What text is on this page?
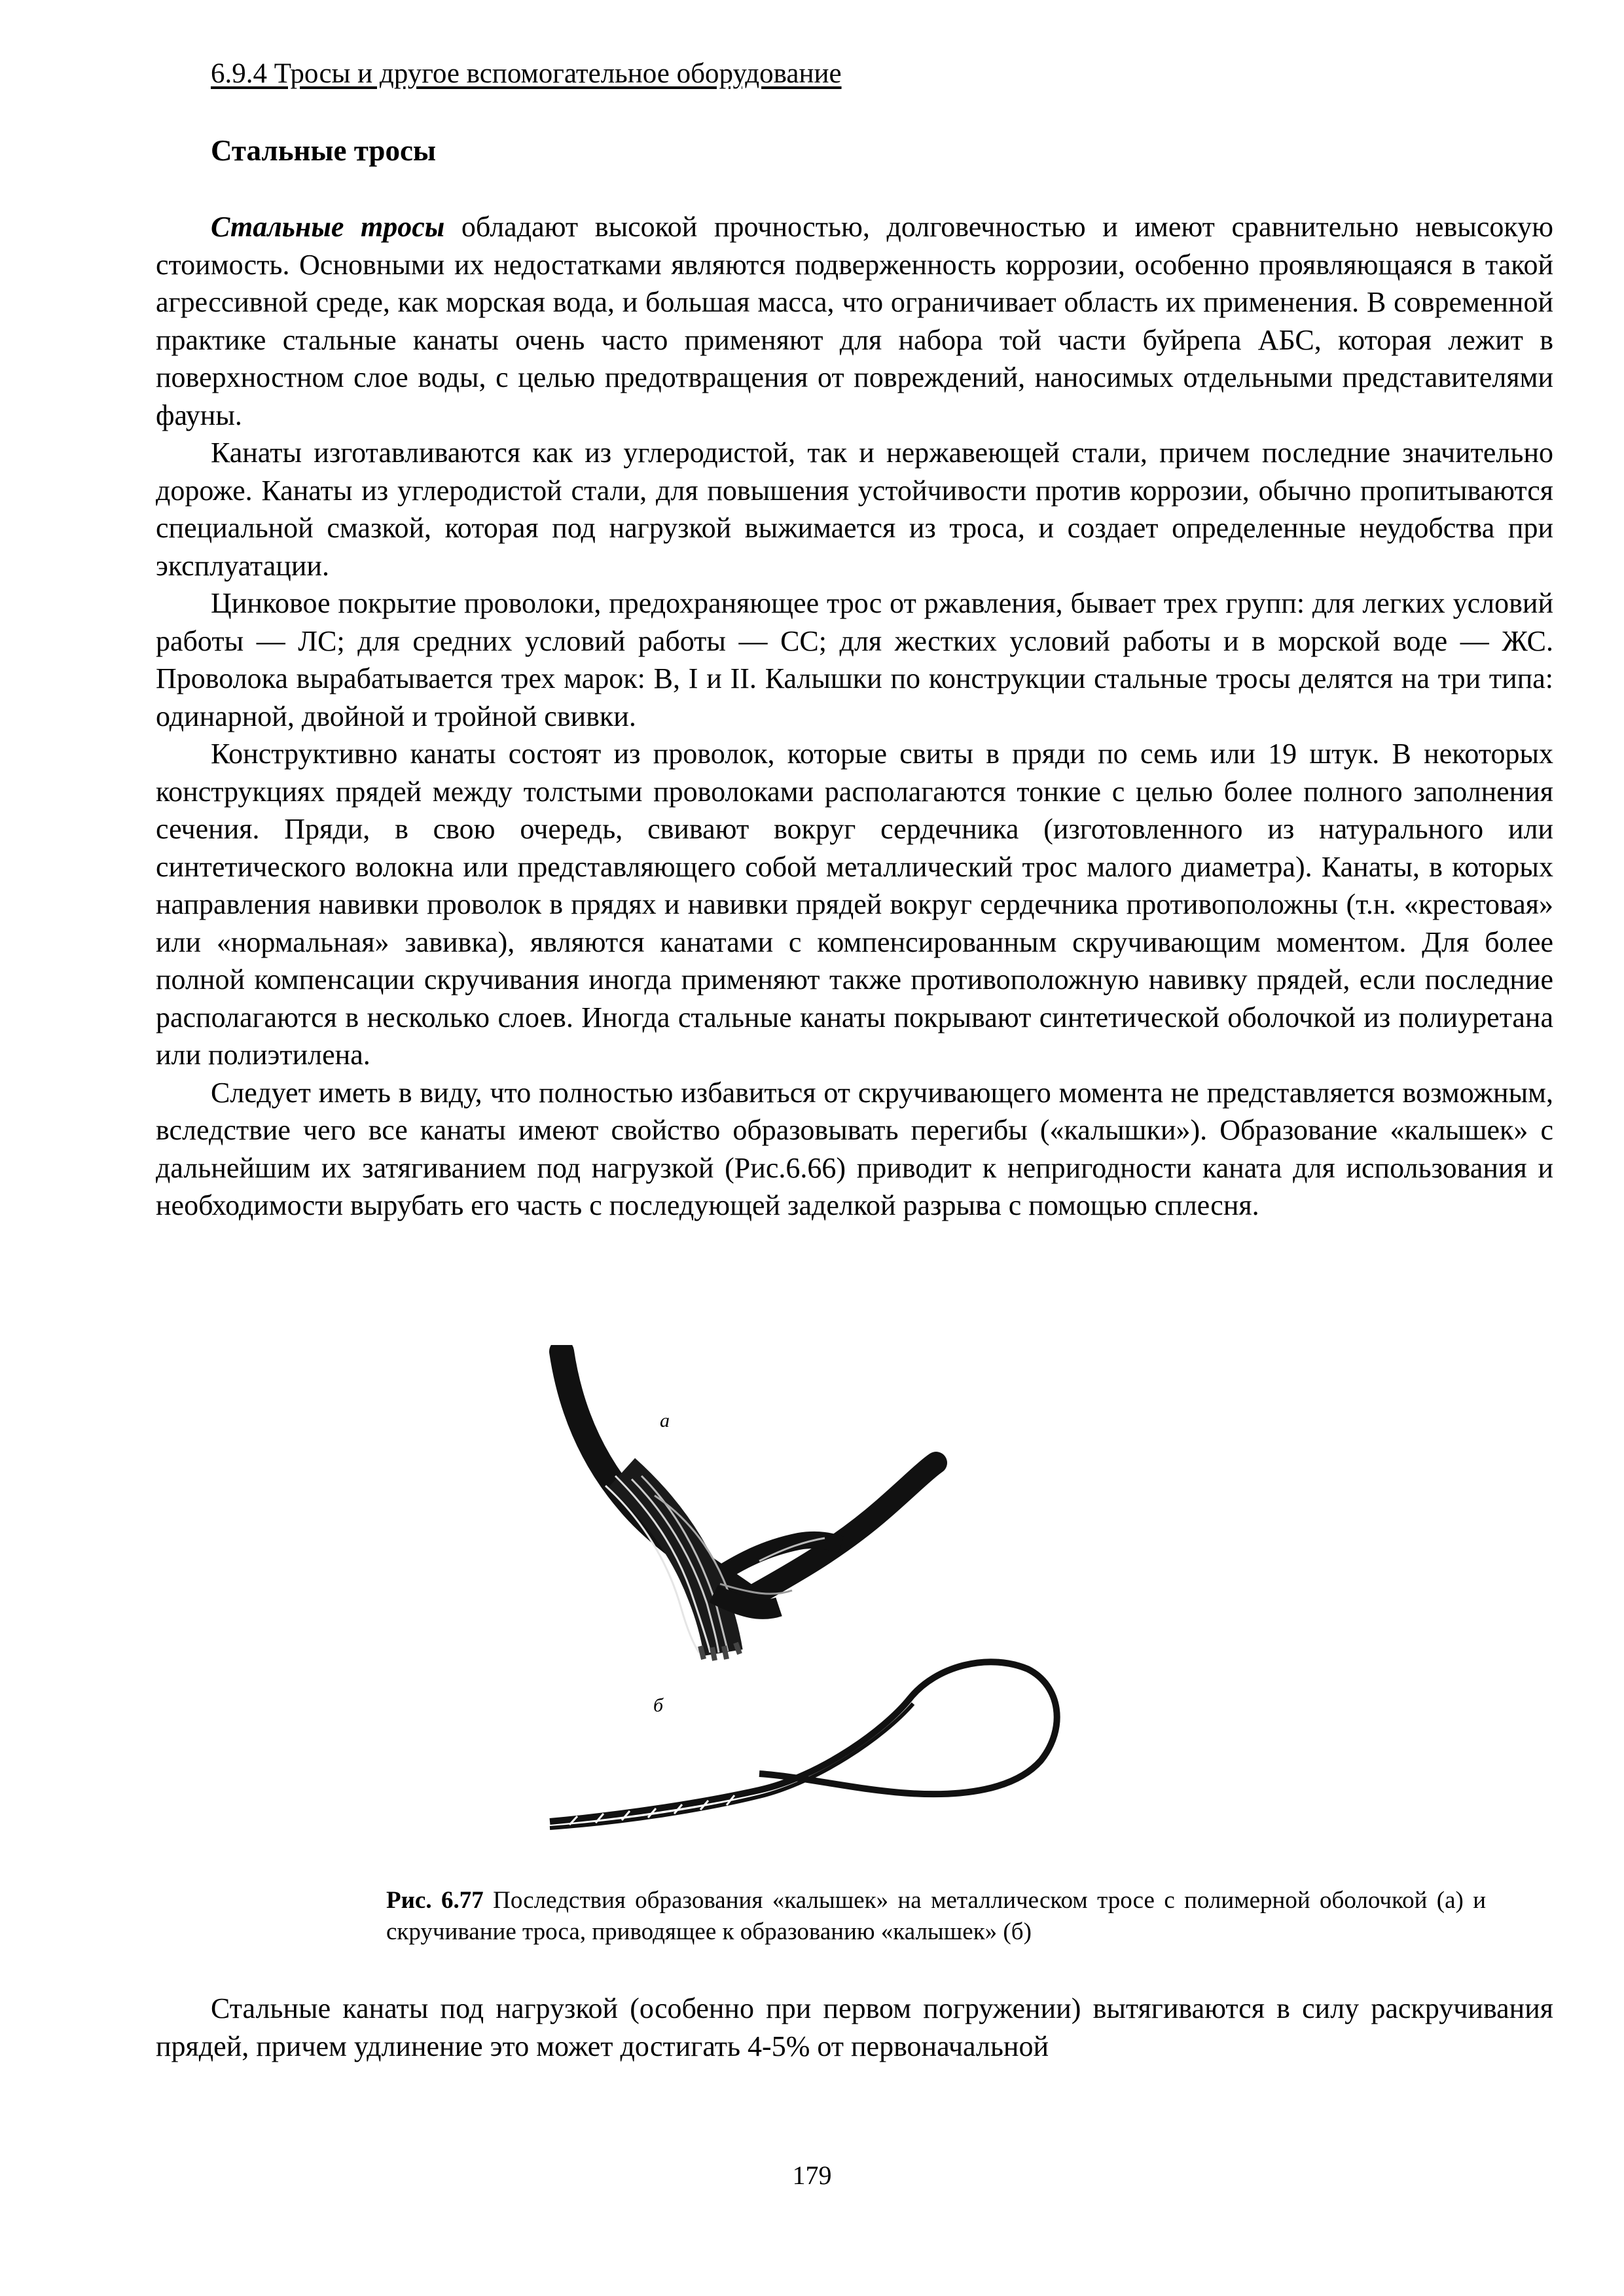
6.9.4 Тросы и другое вспомогательное оборудование
Стальные тросы

Стальные тросы обладают высокой прочностью, долговечностью и имеют сравнительно невысокую стоимость. Основными их недостатками являются подверженность коррозии, особенно проявляющаяся в такой агрессивной среде, как морская вода, и большая масса, что ограничивает область их применения. В современной практике стальные канаты очень часто применяют для набора той части буйрепа АБС, которая лежит в поверхностном слое воды, с целью предотвращения от повреждений, наносимых отдельными представителями фауны.

Канаты изготавливаются как из углеродистой, так и нержавеющей стали, причем последние значительно дороже. Канаты из углеродистой стали, для повышения устойчивости против коррозии, обычно пропитываются специальной смазкой, которая под нагрузкой выжимается из троса, и создает определенные неудобства при эксплуатации.

Цинковое покрытие проволоки, предохраняющее трос от ржавления, бывает трех групп: для легких условий работы — ЛС; для средних условий работы — СС; для жестких условий работы и в морской воде — ЖС. Проволока вырабатывается трех марок: В, I и II. Калышки по конструкции стальные тросы делятся на три типа: одинарной, двойной и тройной свивки.

Конструктивно канаты состоят из проволок, которые свиты в пряди по семь или 19 штук. В некоторых конструкциях прядей между толстыми проволоками располагаются тонкие с целью более полного заполнения сечения. Пряди, в свою очередь, свивают вокруг сердечника (изготовленного из натурального или синтетического волокна или представляющего собой металлический трос малого диаметра). Канаты, в которых направления навивки проволок в прядях и навивки прядей вокруг сердечника противоположны (т.н. «крестовая» или «нормальная» завивка), являются канатами с компенсированным скручивающим моментом. Для более полной компенсации скручивания иногда применяют также противоположную навивку прядей, если последние располагаются в несколько слоев. Иногда стальные канаты покрывают синтетической оболочкой из полиуретана или полиэтилена.

Следует иметь в виду, что полностью избавиться от скручивающего момента не представляется возможным, вследствие чего все канаты имеют свойство образовывать перегибы («калышки»). Образование «калышек» с дальнейшим их затягиванием под нагрузкой (Рис.6.66) приводит к непригодности каната для использования и необходимости вырубать его часть с последующей заделкой разрыва с помощью сплесня.

а
б
Рис. 6.77 Последствия образования «калышек» на металлическом тросе с полимерной оболочкой (а) и скручивание троса, приводящее к образованию «калышек» (б)

Стальные канаты под нагрузкой (особенно при первом погружении) вытягиваются в силу раскручивания прядей, причем удлинение это может достигать 4-5% от первоначальной

179
